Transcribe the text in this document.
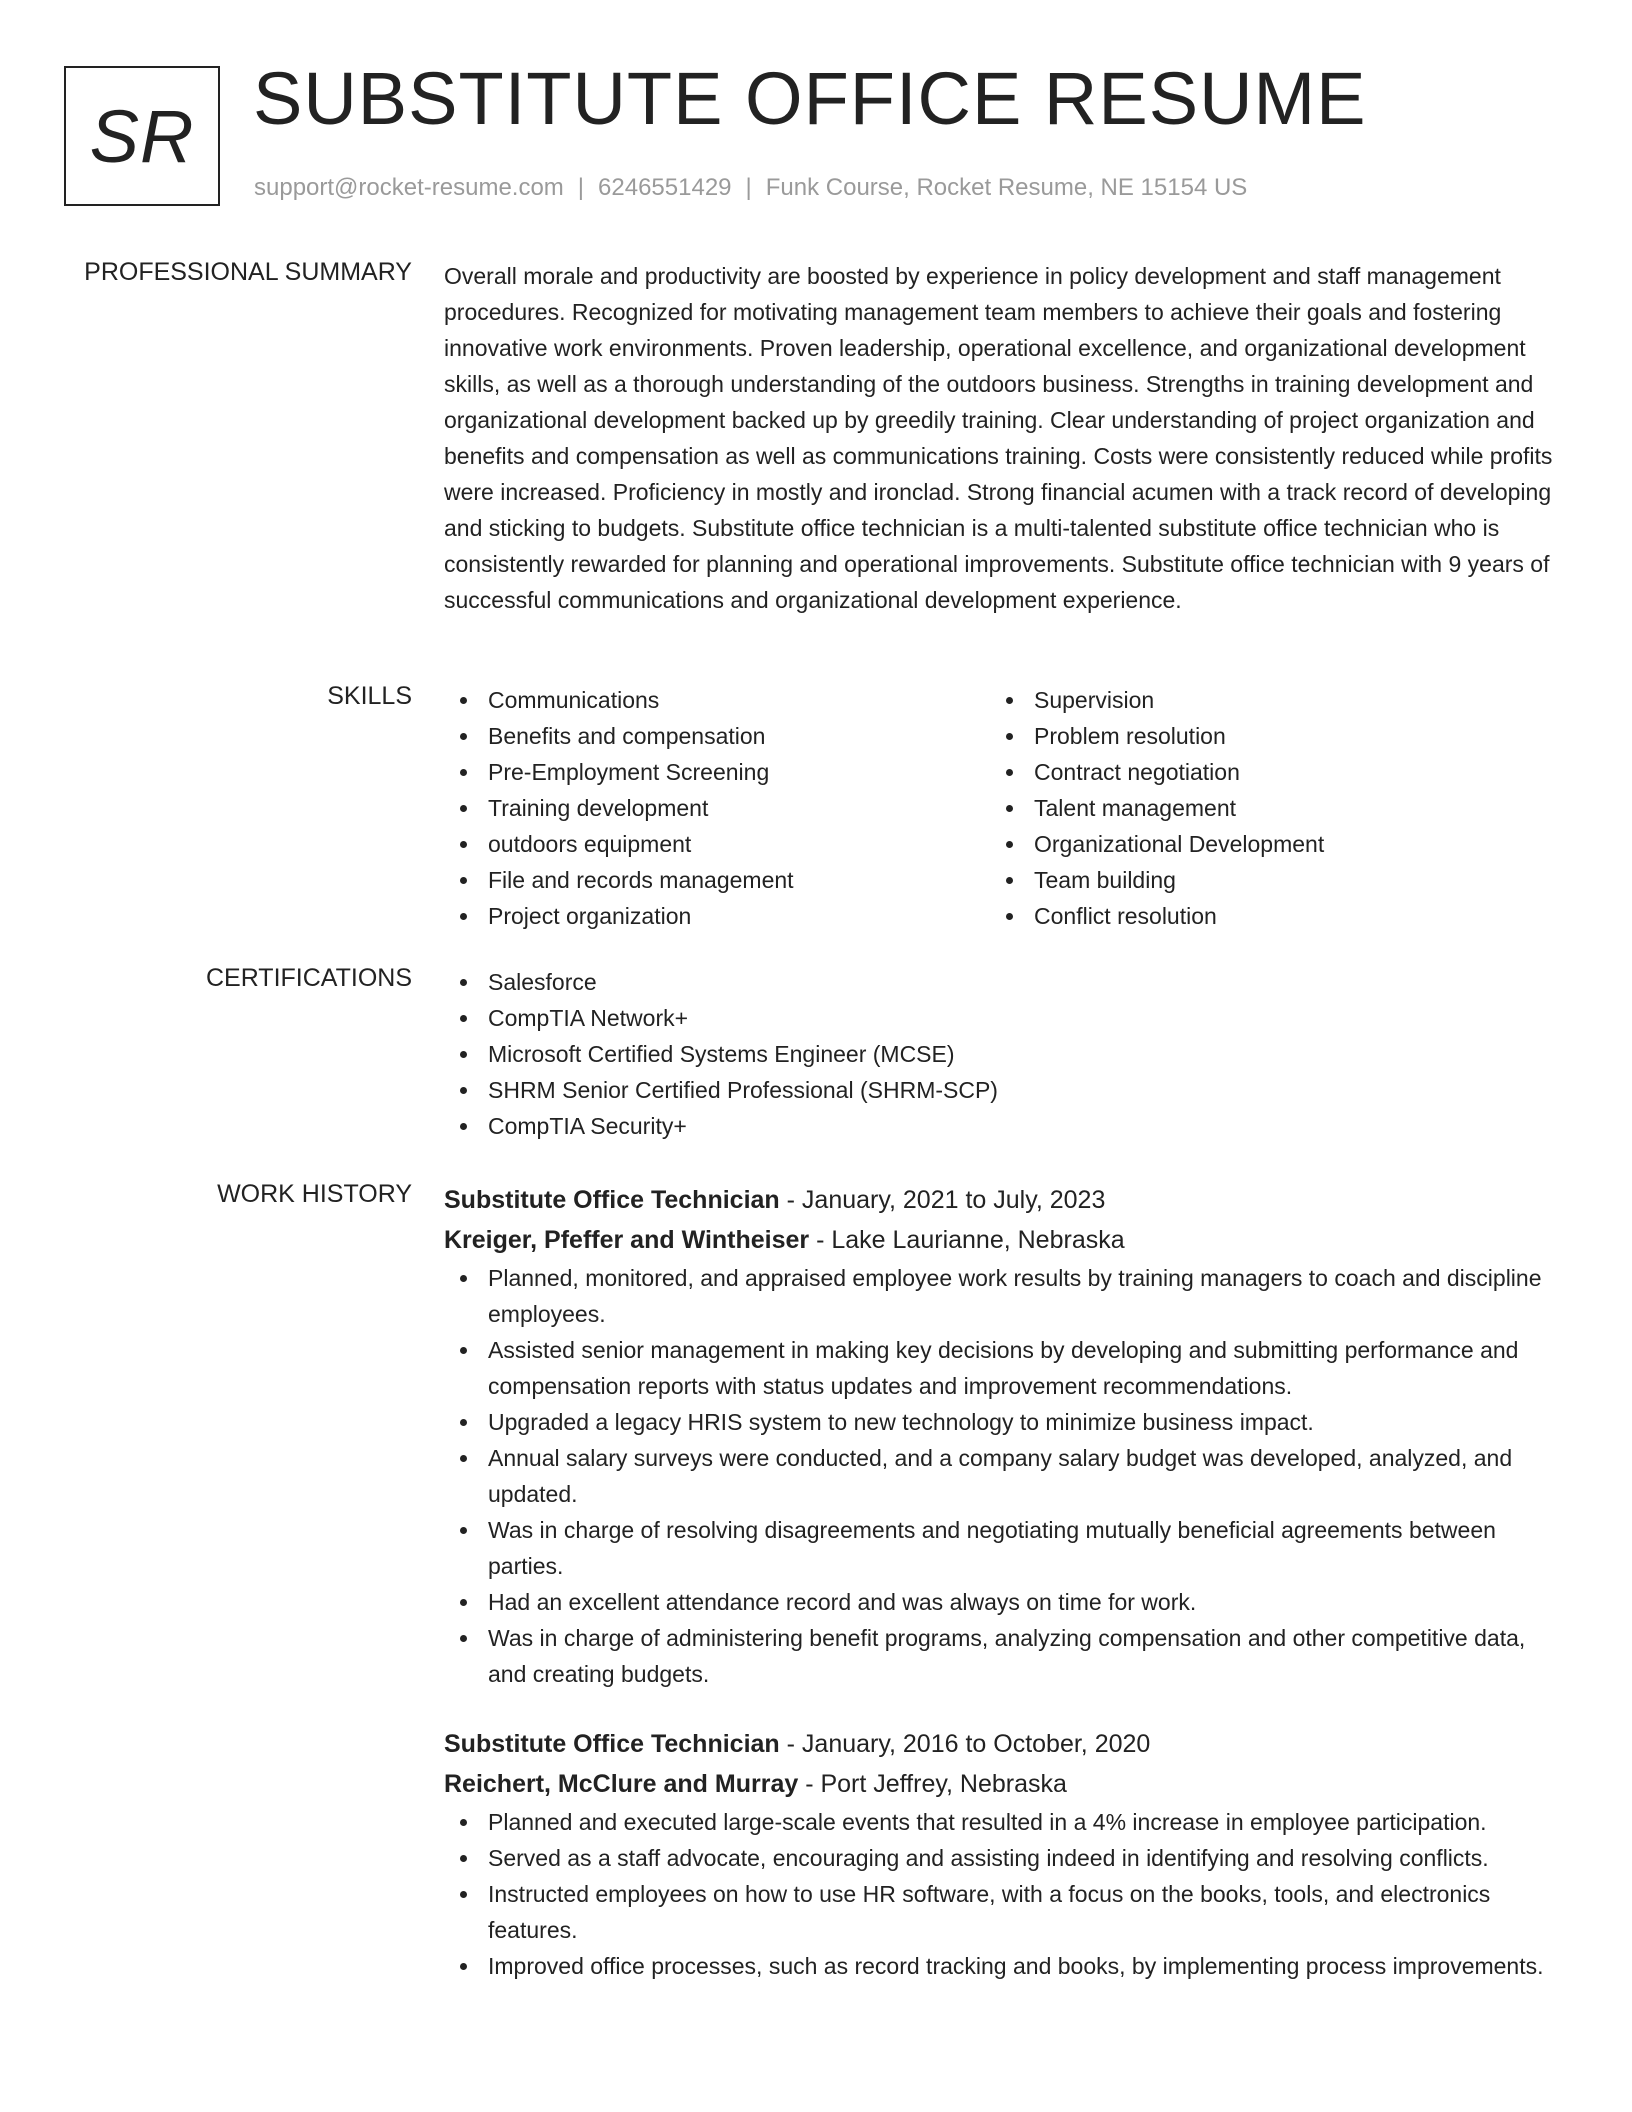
SR SUBSTITUTE OFFICE RESUME
support@rocket-resume.com | 6246551429 | Funk Course, Rocket Resume, NE 15154 US
PROFESSIONAL SUMMARY Overall morale and productivity are boosted by experience in policy development and staff management procedures. Recognized for motivating management team members to achieve their goals and fostering innovative work environments. Proven leadership, operational excellence, and organizational development skills, as well as a thorough understanding of the outdoors business. Strengths in training development and organizational development backed up by greedily training. Clear understanding of project organization and benefits and compensation as well as communications training. Costs were consistently reduced while profits were increased. Proficiency in mostly and ironclad. Strong financial acumen with a track record of developing and sticking to budgets. Substitute office technician is a multi-talented substitute office technician who is consistently rewarded for planning and operational improvements. Substitute office technician with 9 years of successful communications and organizational development experience.

SKILLS	Communications
Benefits and compensation
Pre-Employment Screening
Training development
outdoors equipment
File and records management
Project organization
Supervision
Problem resolution
Contract negotiation
Talent management
Organizational Development
Team building
Conflict resolution
CERTIFICATIONS	Salesforce
CompTIA Network+
Microsoft Certified Systems Engineer (MCSE)
SHRM Senior Certified Professional (SHRM-SCP)
CompTIA Security+
WORK HISTORY Substitute Office Technician - January, 2021 to July, 2023
Kreiger, Pfeffer and Wintheiser - Lake Laurianne, Nebraska
Planned, monitored, and appraised employee work results by training managers to coach and discipline employees.
Assisted senior management in making key decisions by developing and submitting performance and compensation reports with status updates and improvement recommendations.
Upgraded a legacy HRIS system to new technology to minimize business impact.
Annual salary surveys were conducted, and a company salary budget was developed, analyzed, and updated.
Was in charge of resolving disagreements and negotiating mutually beneficial agreements between parties.
Had an excellent attendance record and was always on time for work.
Was in charge of administering benefit programs, analyzing compensation and other competitive data, and creating budgets.
Substitute Office Technician - January, 2016 to October, 2020
Reichert, McClure and Murray - Port Jeffrey, Nebraska
Planned and executed large-scale events that resulted in a 4% increase in employee participation.
Served as a staff advocate, encouraging and assisting indeed in identifying and resolving conflicts.
Instructed employees on how to use HR software, with a focus on the books, tools, and electronics features.
Improved office processes, such as record tracking and books, by implementing process improvements.
